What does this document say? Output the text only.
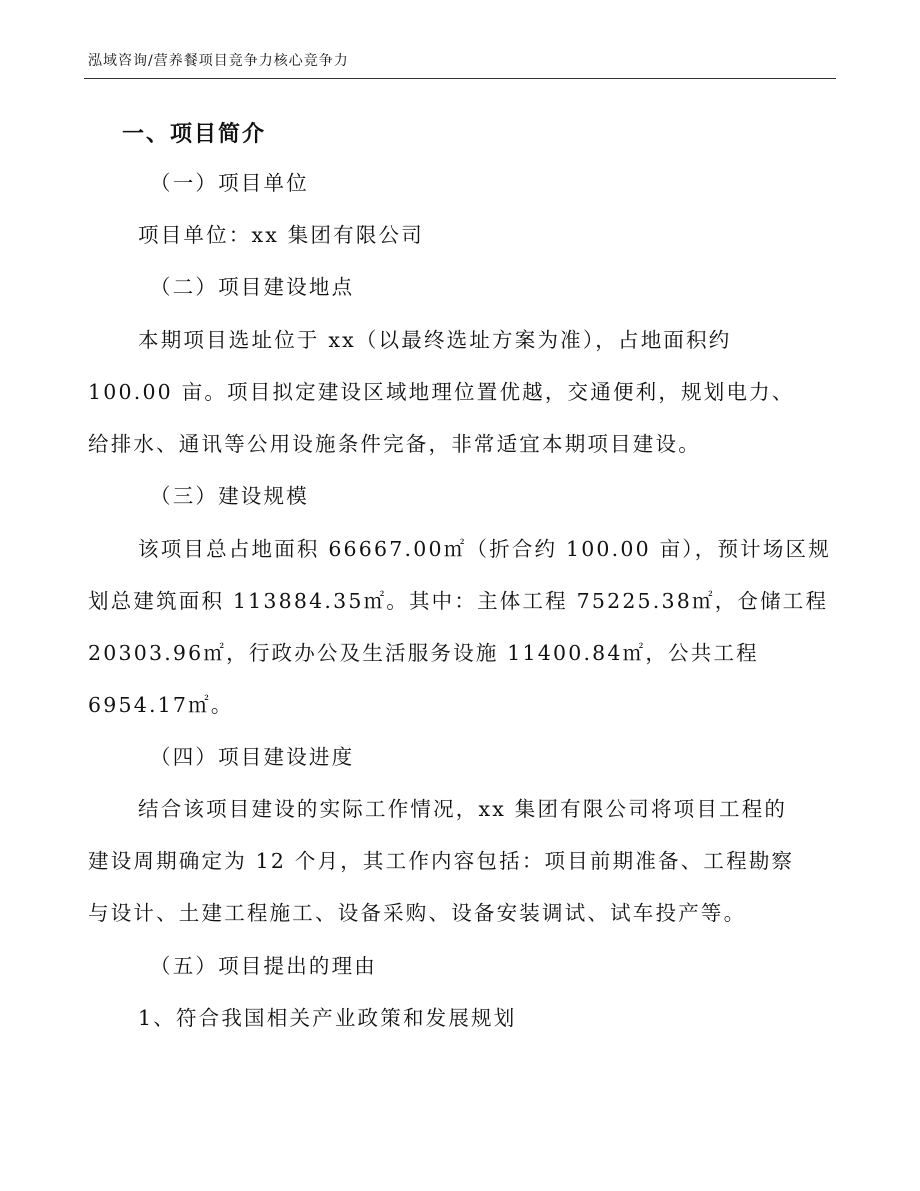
泓域咨询/营养餐项目竞争力核心竞争力
一、项目简介
（一）项目单位
项目单位：xx 集团有限公司
（二）项目建设地点
本期项目选址位于 xx（以最终选址方案为准），占地面积约
100.00 亩。项目拟定建设区域地理位置优越，交通便利，规划电力、
给排水、通讯等公用设施条件完备，非常适宜本期项目建设。
（三）建设规模
该项目总占地面积 66667.00㎡（折合约 100.00 亩），预计场区规
划总建筑面积 113884.35㎡。其中：主体工程 75225.38㎡，仓储工程
20303.96㎡，行政办公及生活服务设施 11400.84㎡，公共工程
6954.17㎡。
（四）项目建设进度
结合该项目建设的实际工作情况，xx 集团有限公司将项目工程的
建设周期确定为 12 个月，其工作内容包括：项目前期准备、工程勘察
与设计、土建工程施工、设备采购、设备安装调试、试车投产等。
（五）项目提出的理由
1、符合我国相关产业政策和发展规划
